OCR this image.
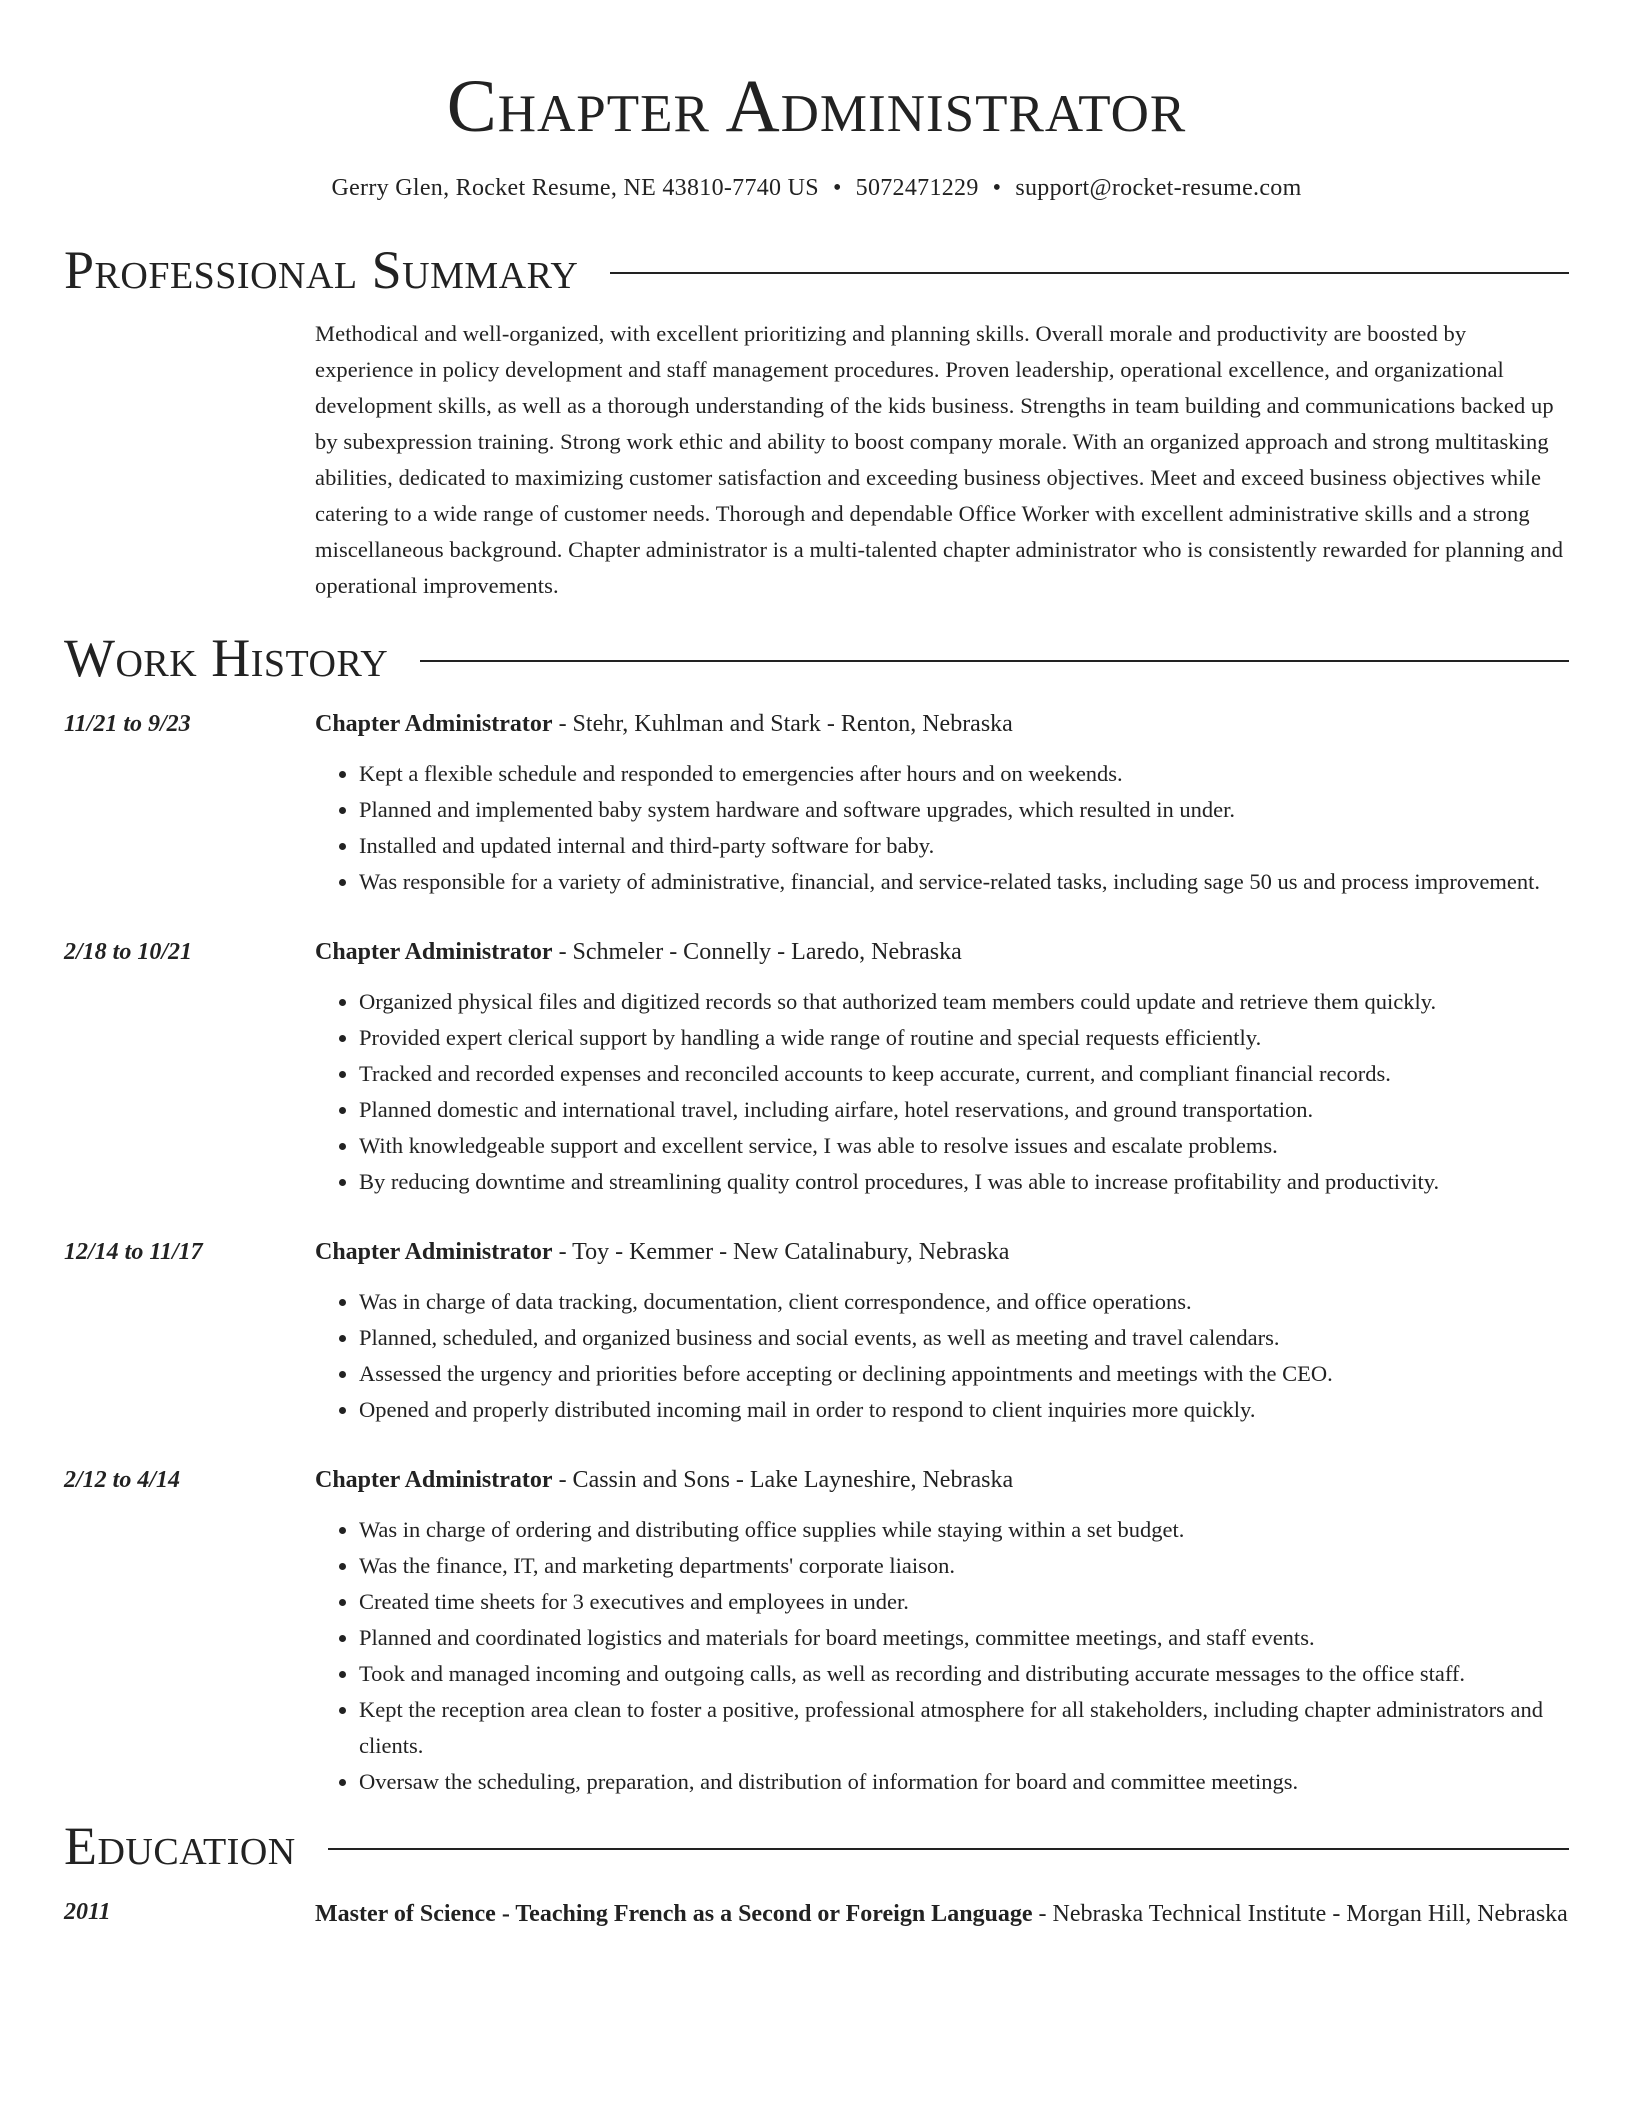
Chapter Administrator
Gerry Glen, Rocket Resume, NE 43810-7740 US • 5072471229 • support@rocket-resume.com
Professional Summary
Methodical and well-organized, with excellent prioritizing and planning skills. Overall morale and productivity are boosted by experience in policy development and staff management procedures. Proven leadership, operational excellence, and organizational development skills, as well as a thorough understanding of the kids business. Strengths in team building and communications backed up by subexpression training. Strong work ethic and ability to boost company morale. With an organized approach and strong multitasking abilities, dedicated to maximizing customer satisfaction and exceeding business objectives. Meet and exceed business objectives while catering to a wide range of customer needs. Thorough and dependable Office Worker with excellent administrative skills and a strong miscellaneous background. Chapter administrator is a multi-talented chapter administrator who is consistently rewarded for planning and operational improvements.
Work History
11/21 to 9/23	Chapter Administrator - Stehr, Kuhlman and Stark - Renton, Nebraska
• Kept a flexible schedule and responded to emergencies after hours and on weekends.
• Planned and implemented baby system hardware and software upgrades, which resulted in under.
• Installed and updated internal and third-party software for baby.
• Was responsible for a variety of administrative, financial, and service-related tasks, including sage 50 us and process improvement.
2/18 to 10/21	Chapter Administrator - Schmeler - Connelly - Laredo, Nebraska
• Organized physical files and digitized records so that authorized team members could update and retrieve them quickly.
• Provided expert clerical support by handling a wide range of routine and special requests efficiently.
• Tracked and recorded expenses and reconciled accounts to keep accurate, current, and compliant financial records.
• Planned domestic and international travel, including airfare, hotel reservations, and ground transportation.
• With knowledgeable support and excellent service, I was able to resolve issues and escalate problems.
• By reducing downtime and streamlining quality control procedures, I was able to increase profitability and productivity.
12/14 to 11/17	Chapter Administrator - Toy - Kemmer - New Catalinabury, Nebraska
• Was in charge of data tracking, documentation, client correspondence, and office operations.
• Planned, scheduled, and organized business and social events, as well as meeting and travel calendars.
• Assessed the urgency and priorities before accepting or declining appointments and meetings with the CEO.
• Opened and properly distributed incoming mail in order to respond to client inquiries more quickly.
2/12 to 4/14	Chapter Administrator - Cassin and Sons - Lake Layneshire, Nebraska
• Was in charge of ordering and distributing office supplies while staying within a set budget.
• Was the finance, IT, and marketing departments' corporate liaison.
• Created time sheets for 3 executives and employees in under.
• Planned and coordinated logistics and materials for board meetings, committee meetings, and staff events.
• Took and managed incoming and outgoing calls, as well as recording and distributing accurate messages to the office staff.
• Kept the reception area clean to foster a positive, professional atmosphere for all stakeholders, including chapter administrators and clients.
• Oversaw the scheduling, preparation, and distribution of information for board and committee meetings.
Education
2011	Master of Science - Teaching French as a Second or Foreign Language - Nebraska Technical Institute - Morgan Hill, Nebraska
